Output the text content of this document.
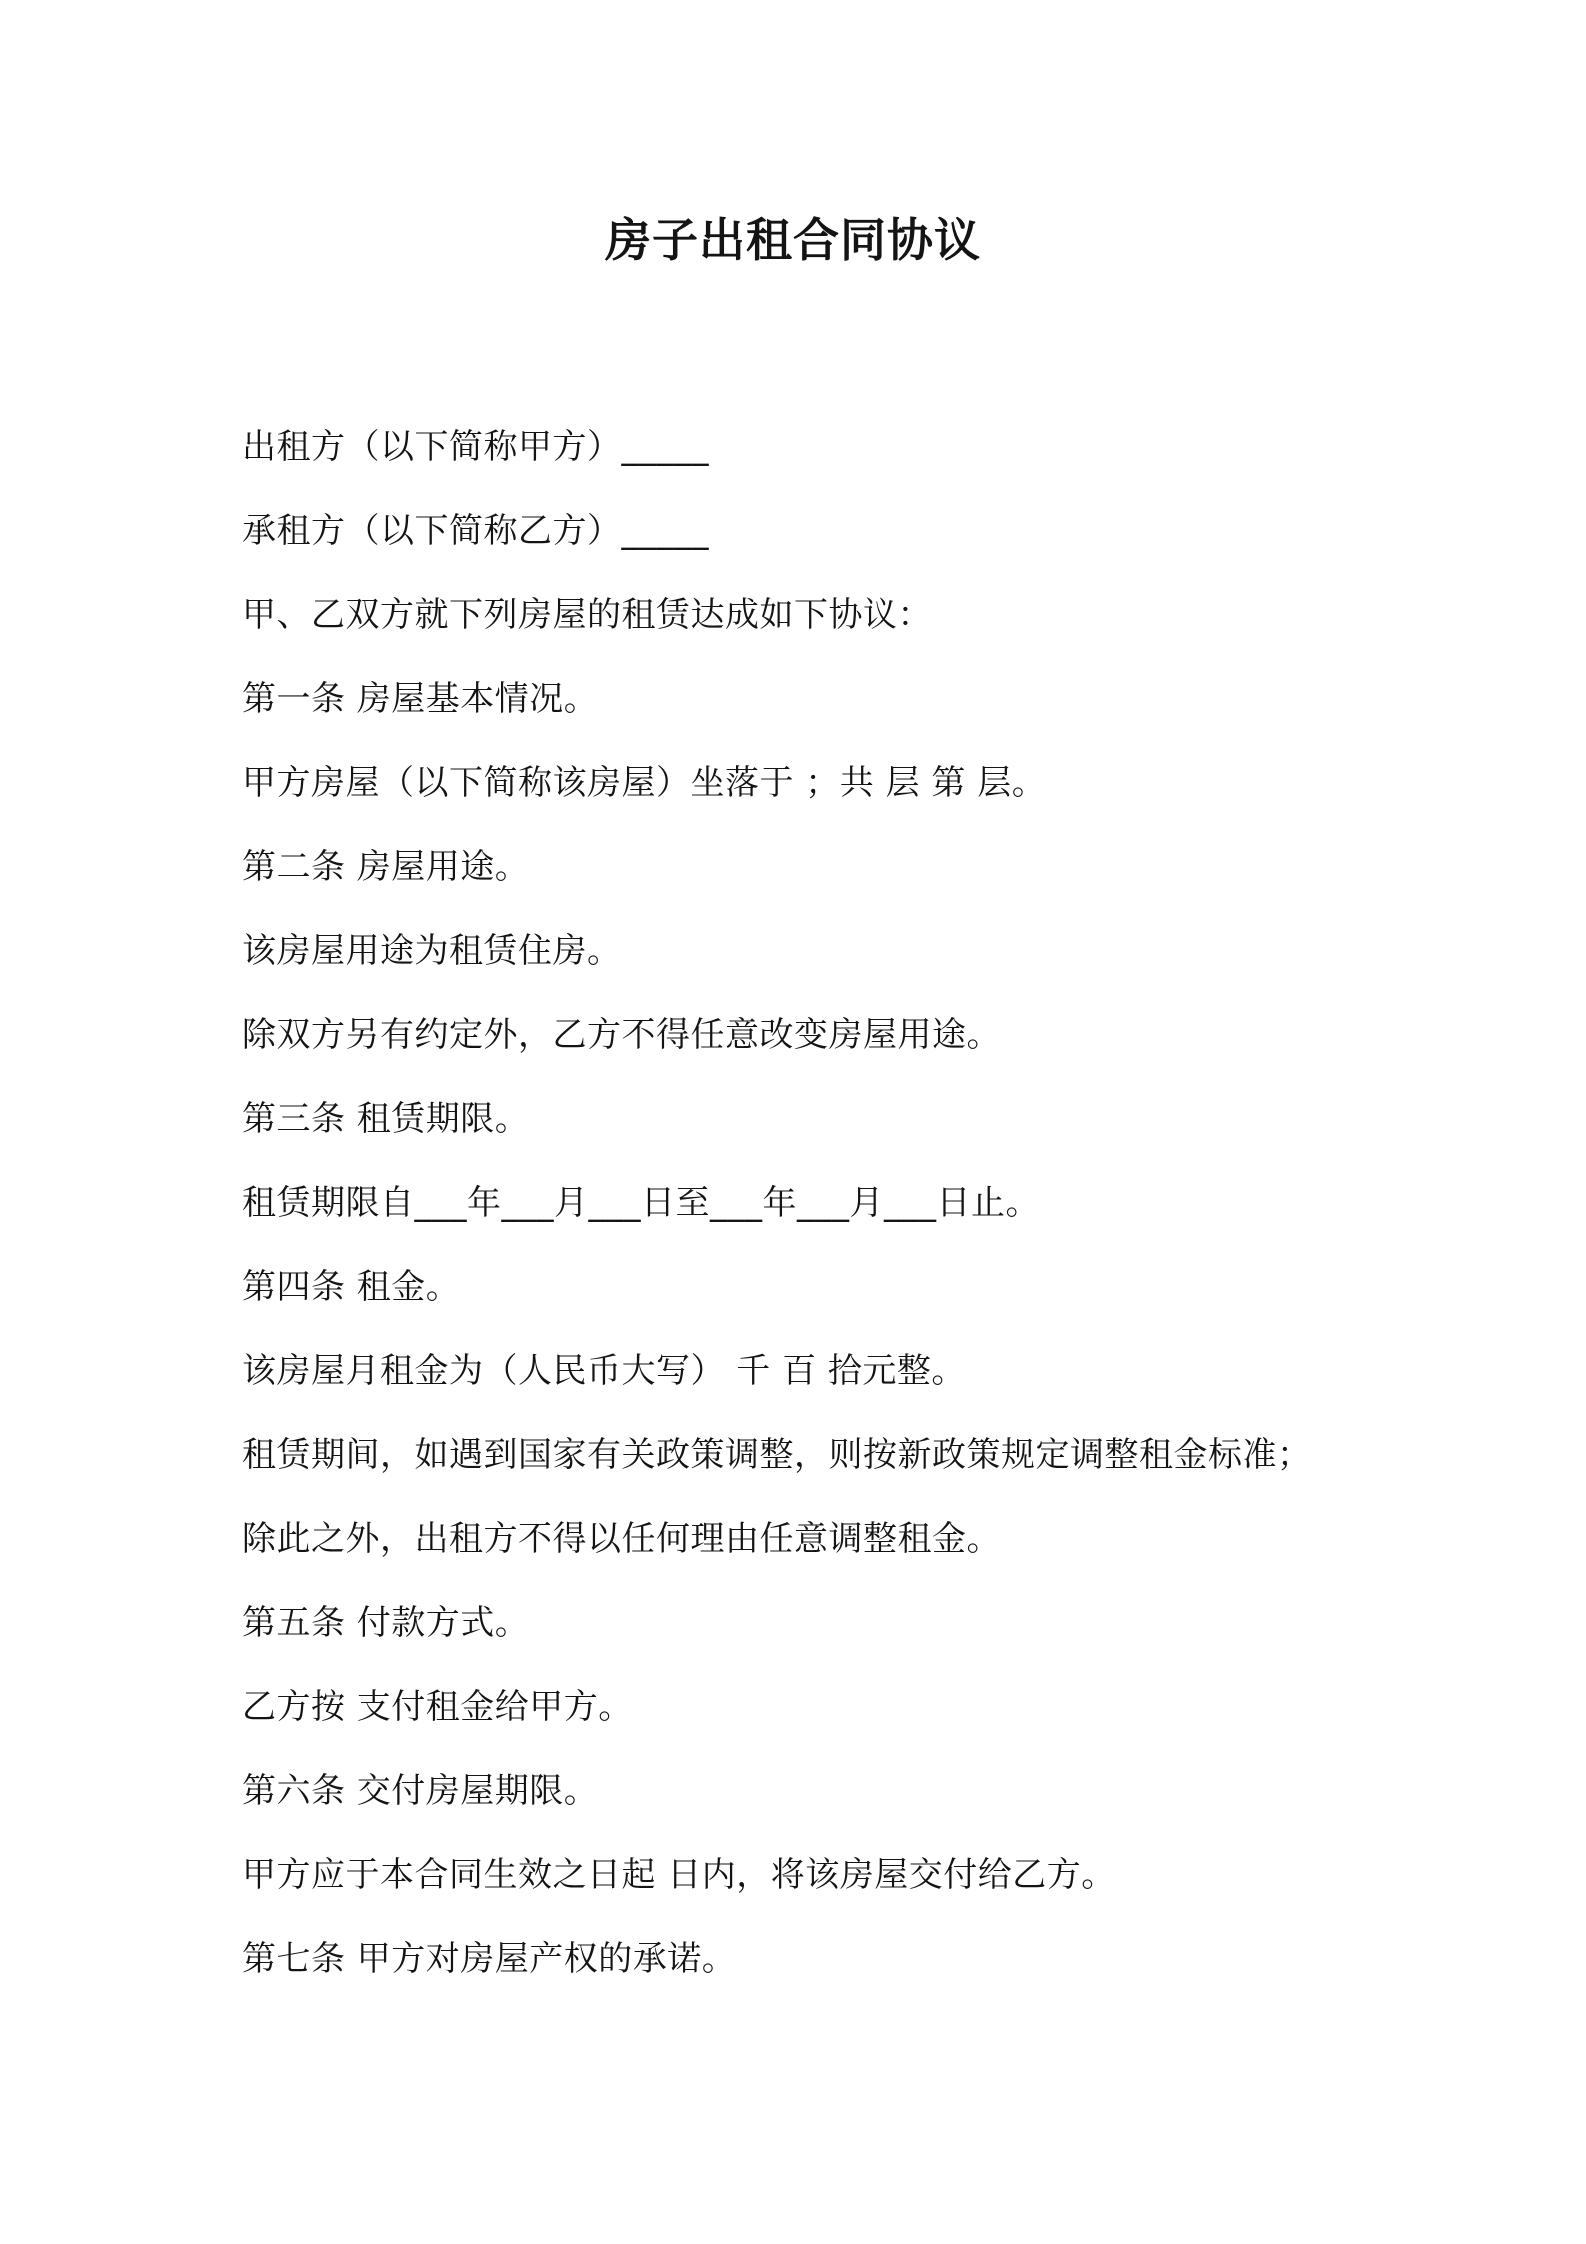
房子出租合同协议
出租方（以下简称甲方）_____
承租方（以下简称乙方）_____
甲、乙双方就下列房屋的租赁达成如下协议：
第一条 房屋基本情况。
甲方房屋（以下简称该房屋）坐落于 ；共 层 第 层。
第二条 房屋用途。
该房屋用途为租赁住房。
除双方另有约定外，乙方不得任意改变房屋用途。
第三条 租赁期限。
租赁期限自___年___月___日至___年___月___日止。
第四条 租金。
该房屋月租金为（人民币大写） 千 百 拾元整。
租赁期间，如遇到国家有关政策调整，则按新政策规定调整租金标准；
除此之外，出租方不得以任何理由任意调整租金。
第五条 付款方式。
乙方按 支付租金给甲方。
第六条 交付房屋期限。
甲方应于本合同生效之日起 日内，将该房屋交付给乙方。
第七条 甲方对房屋产权的承诺。
